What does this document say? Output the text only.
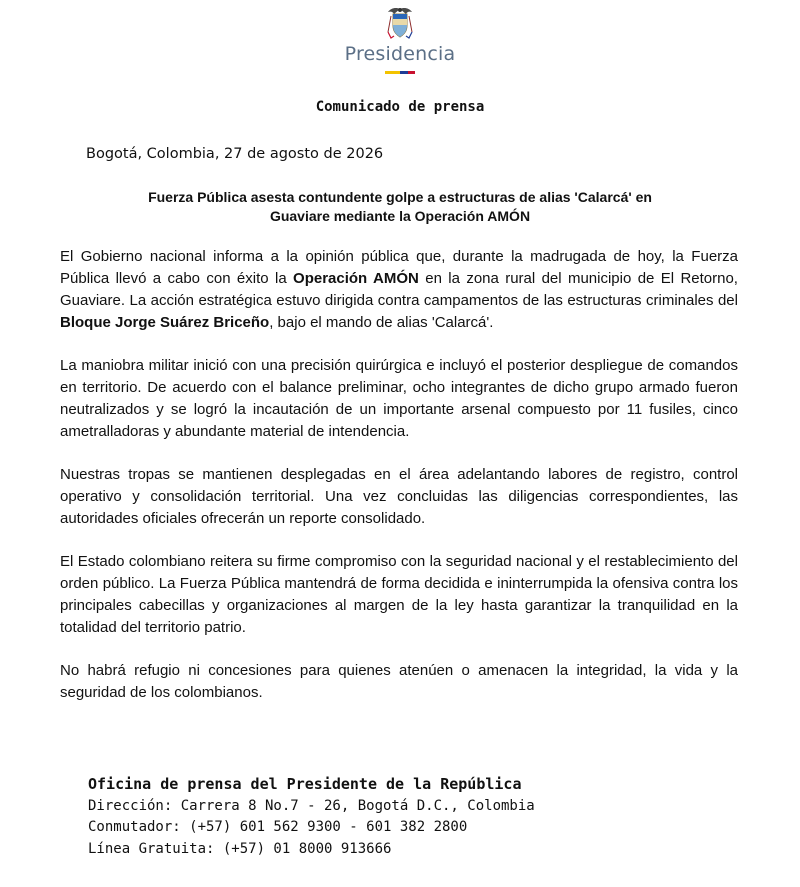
Presidencia
Comunicado de prensa
Bogotá, Colombia, 27 de agosto de 2026
Fuerza Pública asesta contundente golpe a estructuras de alias 'Calarcá' en
Guaviare mediante la Operación AMÓN

El Gobierno nacional informa a la opinión pública que, durante la madrugada de hoy, la Fuerza Pública llevó a cabo con éxito la Operación AMÓN en la zona rural del municipio de El Retorno, Guaviare. La acción estratégica estuvo dirigida contra campamentos de las estructuras criminales del Bloque Jorge Suárez Briceño, bajo el mando de alias 'Calarcá'.

La maniobra militar inició con una precisión quirúrgica e incluyó el posterior despliegue de comandos en territorio. De acuerdo con el balance preliminar, ocho integrantes de dicho grupo armado fueron neutralizados y se logró la incautación de un importante arsenal compuesto por 11 fusiles, cinco ametralladoras y abundante material de intendencia.

Nuestras tropas se mantienen desplegadas en el área adelantando labores de registro, control operativo y consolidación territorial. Una vez concluidas las diligencias correspondientes, las autoridades oficiales ofrecerán un reporte consolidado.

El Estado colombiano reitera su firme compromiso con la seguridad nacional y el restablecimiento del orden público. La Fuerza Pública mantendrá de forma decidida e ininterrumpida la ofensiva contra los principales cabecillas y organizaciones al margen de la ley hasta garantizar la tranquilidad en la totalidad del territorio patrio.

No habrá refugio ni concesiones para quienes atenúen o amenacen la integridad, la vida y la seguridad de los colombianos.

Oficina de prensa del Presidente de la República
Dirección: Carrera 8 No.7 - 26, Bogotá D.C., Colombia
Conmutador: (+57) 601 562 9300 - 601 382 2800
Línea Gratuita: (+57) 01 8000 913666
